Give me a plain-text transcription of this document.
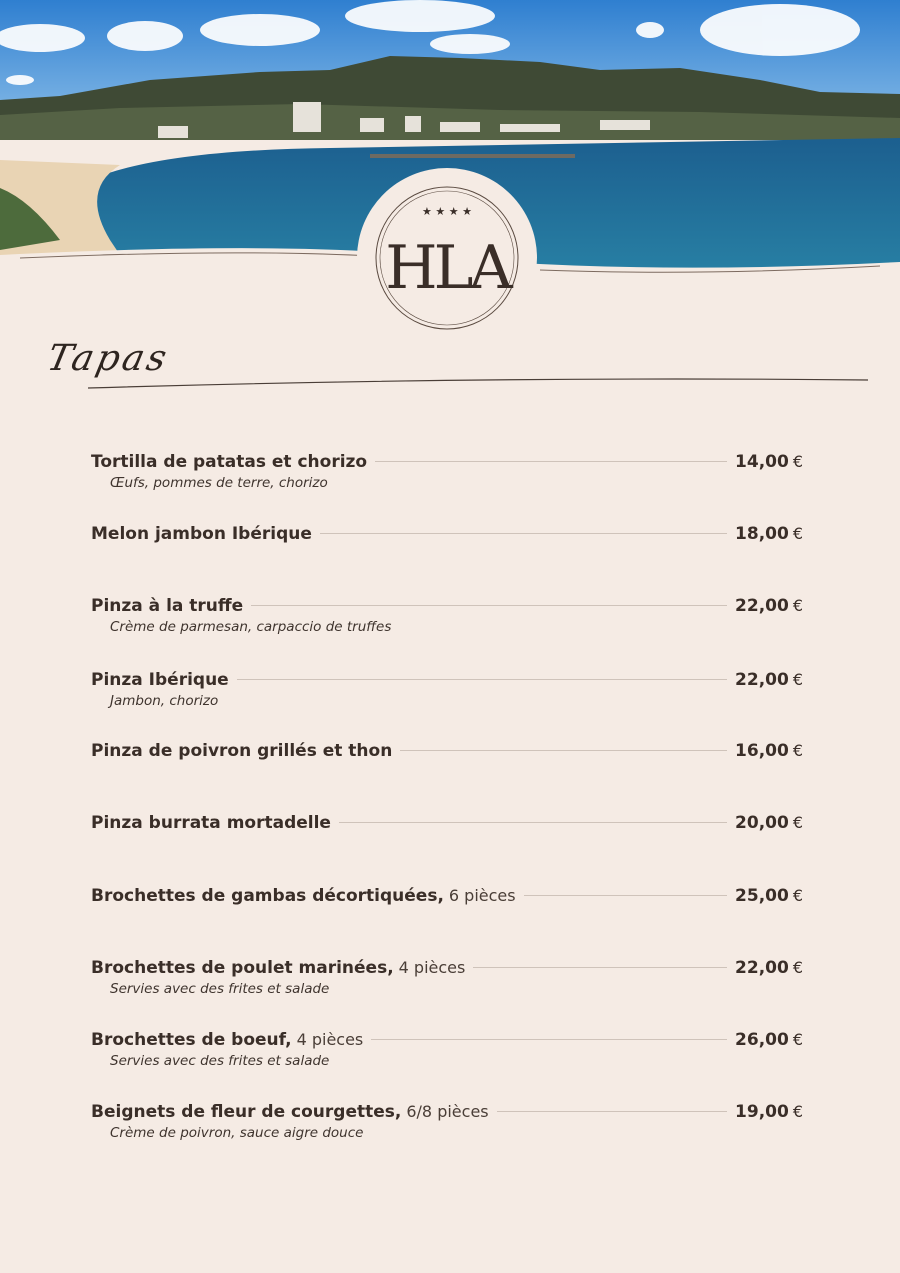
★ ★ ★ ★
HLA
Tapas
Tortilla de patatas et chorizo	14,00 €
Œufs, pommes de terre, chorizo
Melon jambon Ibérique	18,00 €
Pinza à la truffe	22,00 €
Crème de parmesan, carpaccio de truffes
Pinza Ibérique	22,00 €
Jambon, chorizo
Pinza de poivron grillés et thon	16,00 €
Pinza burrata mortadelle	20,00 €
Brochettes de gambas décortiquées, 6 pièces	25,00 €
Brochettes de poulet marinées, 4 pièces	22,00 €
Servies avec des frites et salade
Brochettes de boeuf, 4 pièces	26,00 €
Servies avec des frites et salade
Beignets de fleur de courgettes, 6/8 pièces	19,00 €
Crème de poivron, sauce aigre douce
